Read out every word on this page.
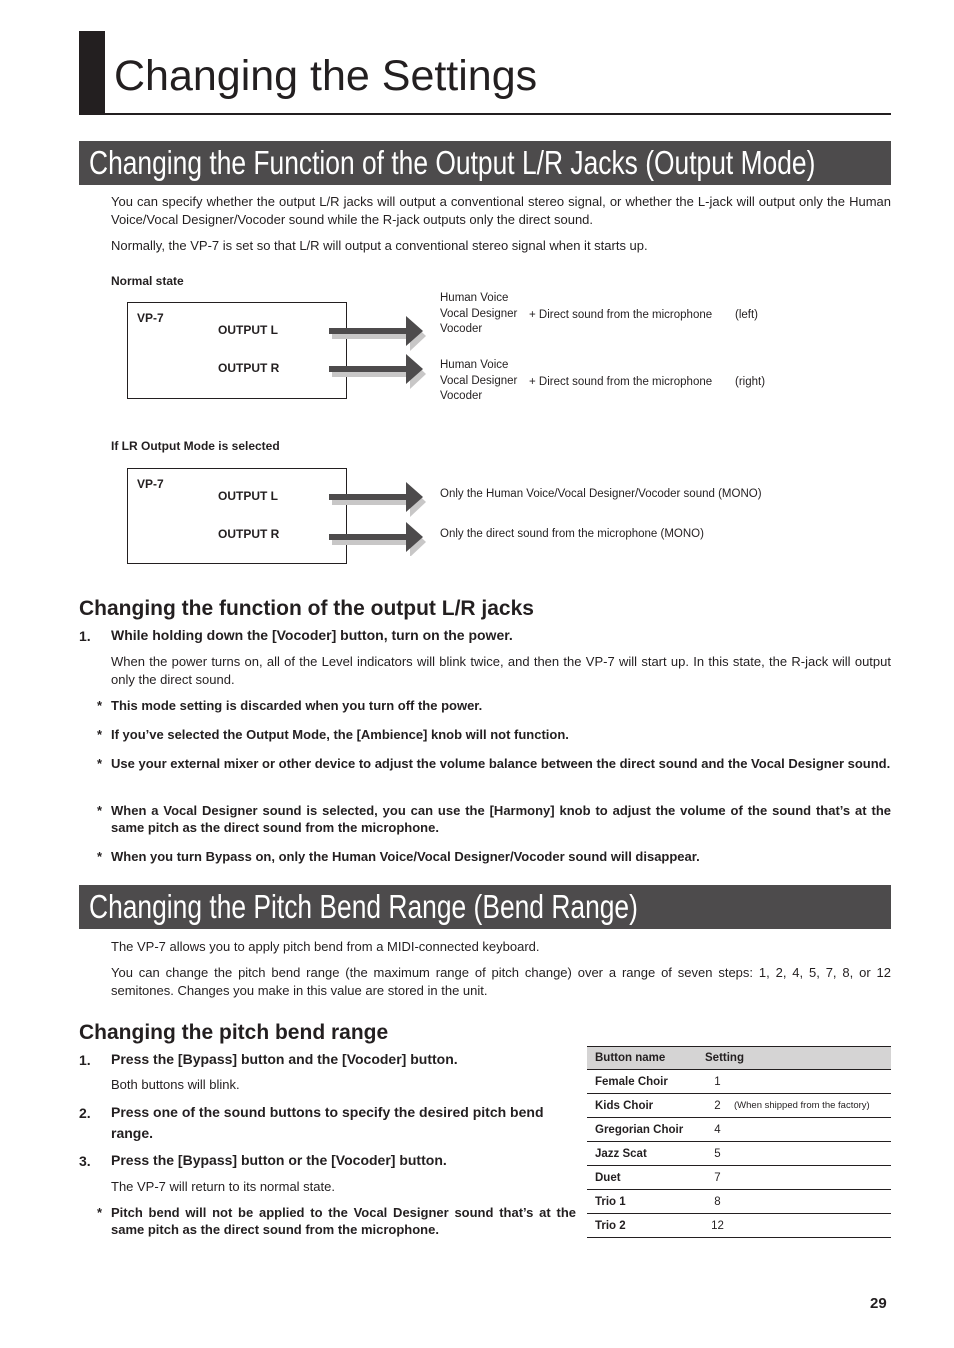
Changing the Settings
Changing the Function of the Output L/R Jacks (Output Mode)
You can specify whether the output L/R jacks will output a conventional stereo signal, or whether the L-jack will output only the Human Voice/Vocal Designer/Vocoder sound while the R-jack outputs only the direct sound.
Normally, the VP-7 is set so that L/R will output a conventional stereo signal when it starts up.
Normal state
VP-7
OUTPUT L
OUTPUT R
Human Voice
Vocal Designer
Vocoder
+ Direct sound from the microphone (left)
Human Voice
Vocal Designer
Vocoder
+ Direct sound from the microphone (right)
If LR Output Mode is selected
VP-7
OUTPUT L
OUTPUT R
Only the Human Voice/Vocal Designer/Vocoder sound (MONO)
Only the direct sound from the microphone (MONO)
Changing the function of the output L/R jacks
1. While holding down the [Vocoder] button, turn on the power.
When the power turns on, all of the Level indicators will blink twice, and then the VP-7 will start up. In this state, the R-jack will output only the direct sound.
* This mode setting is discarded when you turn off the power.
* If you’ve selected the Output Mode, the [Ambience] knob will not function.
* Use your external mixer or other device to adjust the volume balance between the direct sound and the Vocal Designer sound.
* When a Vocal Designer sound is selected, you can use the [Harmony] knob to adjust the volume of the sound that’s at the same pitch as the direct sound from the microphone.
* When you turn Bypass on, only the Human Voice/Vocal Designer/Vocoder sound will disappear.
Changing the Pitch Bend Range (Bend Range)
The VP-7 allows you to apply pitch bend from a MIDI-connected keyboard.
You can change the pitch bend range (the maximum range of pitch change) over a range of seven steps: 1, 2, 4, 5, 7, 8, or 12 semitones. Changes you make in this value are stored in the unit.
Changing the pitch bend range
1. Press the [Bypass] button and the [Vocoder] button.
Both buttons will blink.
2. Press one of the sound buttons to specify the desired pitch bend range.
3. Press the [Bypass] button or the [Vocoder] button.
The VP-7 will return to its normal state.
* Pitch bend will not be applied to the Vocal Designer sound that’s at the same pitch as the direct sound from the microphone.
Button name	Setting	
Female Choir	1	
Kids Choir	2	(When shipped from the factory)
Gregorian Choir	4	
Jazz Scat	5	
Duet	7	
Trio 1	8	
Trio 2	12	
29
